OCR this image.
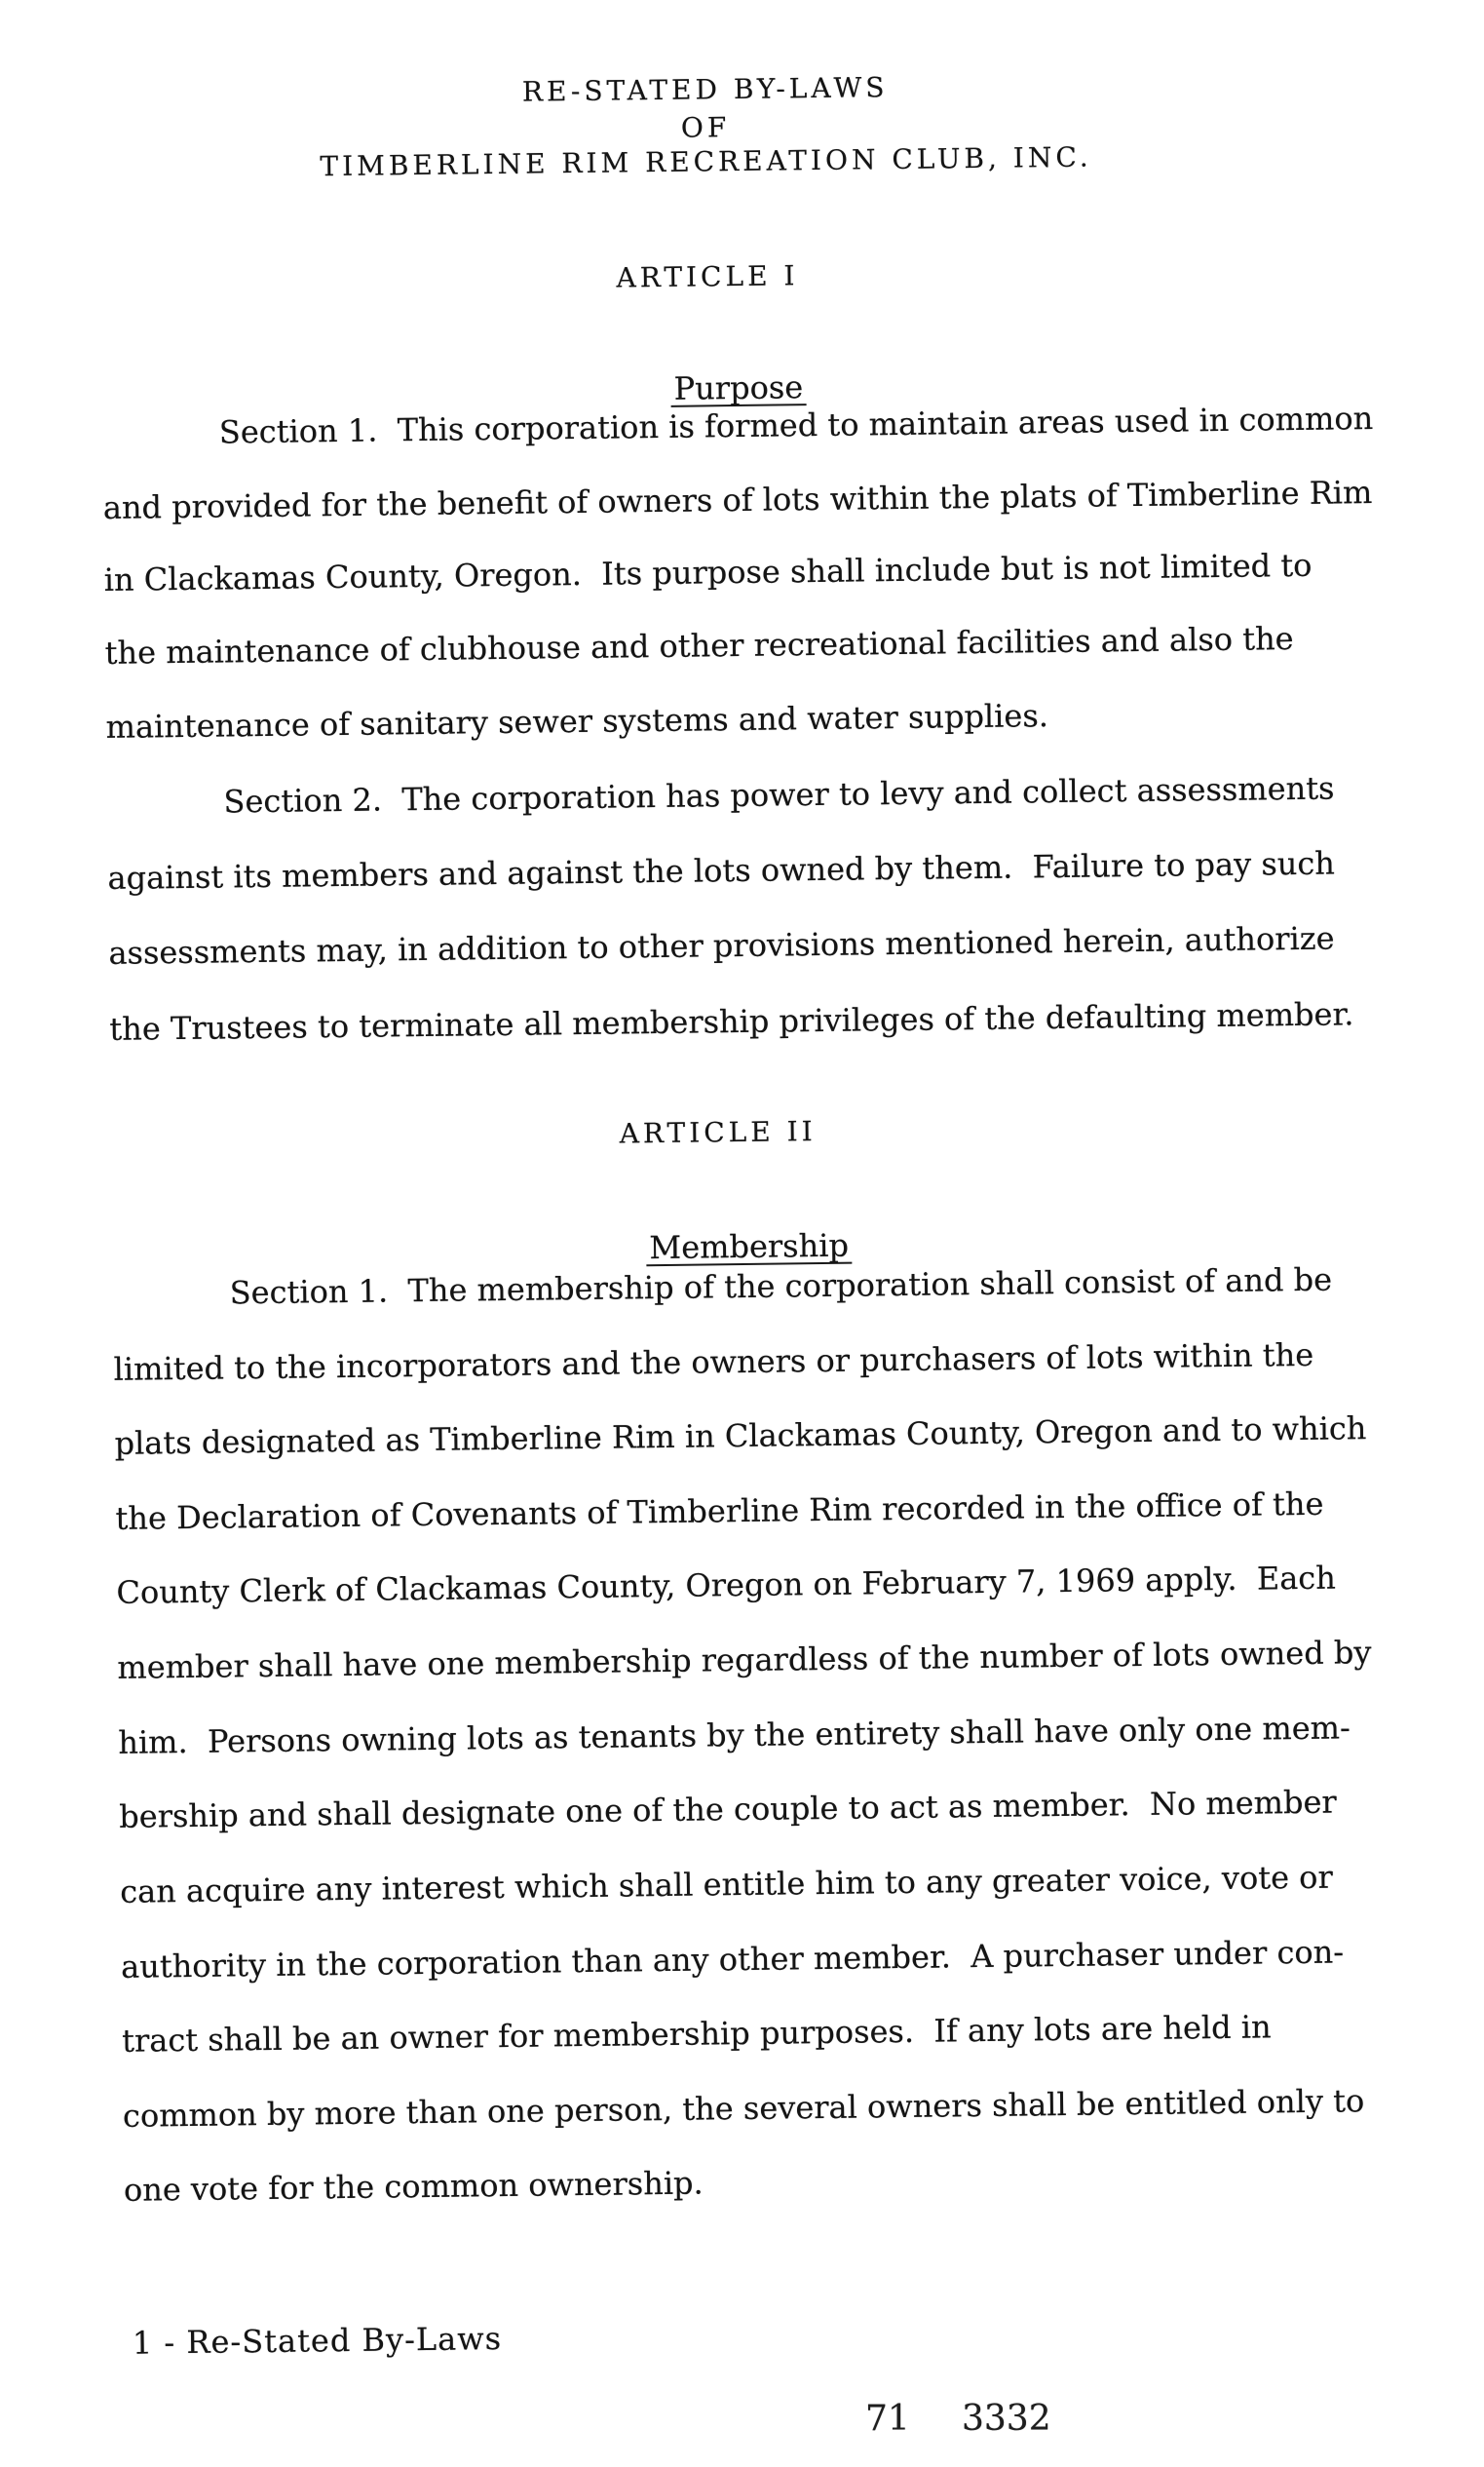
RE-STATED BY-LAWS
OF
TIMBERLINE RIM RECREATION CLUB, INC.
ARTICLE I

Purpose

Section 1.  This corporation is formed to maintain areas used in common
and provided for the benefit of owners of lots within the plats of Timberline Rim
in Clackamas County, Oregon.  Its purpose shall include but is not limited to
the maintenance of clubhouse and other recreational facilities and also the
maintenance of sanitary sewer systems and water supplies.
Section 2.  The corporation has power to levy and collect assessments
against its members and against the lots owned by them.  Failure to pay such
assessments may, in addition to other provisions mentioned herein, authorize
the Trustees to terminate all membership privileges of the defaulting member.
ARTICLE II

Membership

Section 1.  The membership of the corporation shall consist of and be
limited to the incorporators and the owners or purchasers of lots within the
plats designated as Timberline Rim in Clackamas County, Oregon and to which
the Declaration of Covenants of Timberline Rim recorded in the office of the
County Clerk of Clackamas County, Oregon on February 7, 1969 apply.  Each
member shall have one membership regardless of the number of lots owned by
him.  Persons owning lots as tenants by the entirety shall have only one mem-
bership and shall designate one of the couple to act as member.  No member
can acquire any interest which shall entitle him to any greater voice, vote or
authority in the corporation than any other member.  A purchaser under con-
tract shall be an owner for membership purposes.  If any lots are held in
common by more than one person, the several owners shall be entitled only to
one vote for the common ownership.
1 - Re-Stated By-Laws
71 3332
